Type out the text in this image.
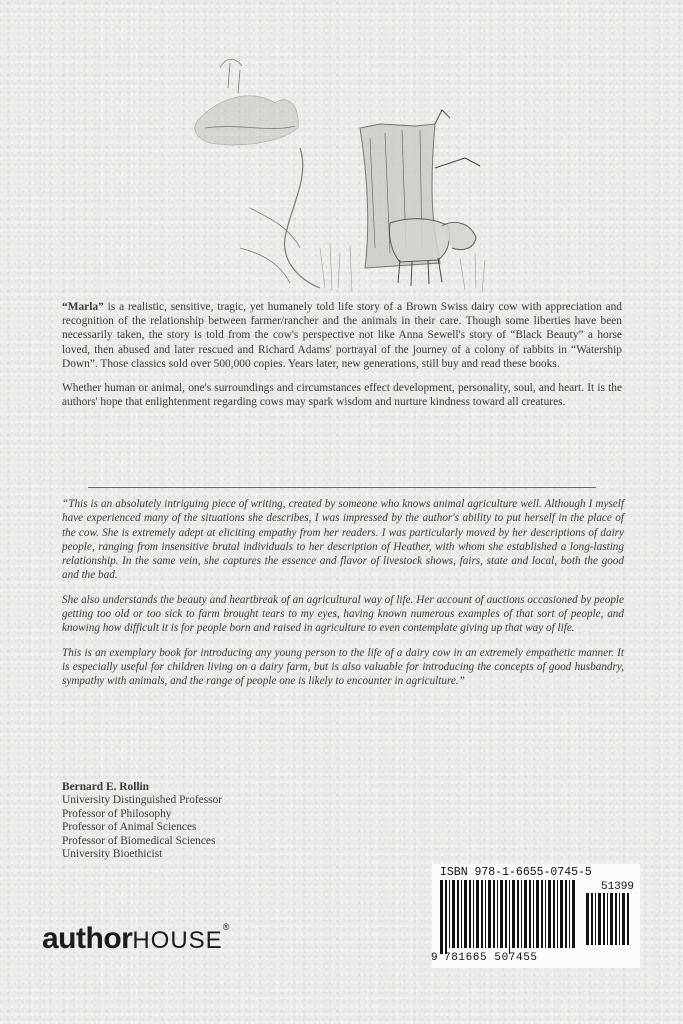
“Marla” is a realistic, sensitive, tragic, yet humanely told life story of a Brown Swiss dairy cow with appreciation and recognition of the relationship between farmer/rancher and the animals in their care. Though some liberties have been necessarily taken, the story is told from the cow's perspective not like Anna Sewell's story of “Black Beauty” a horse loved, then abused and later rescued and Richard Adams' portrayal of the journey of a colony of rabbits in “Watership Down”. Those classics sold over 500,000 copies. Years later, new generations, still buy and read these books.

Whether human or animal, one's surroundings and circumstances effect development, personality, soul, and heart. It is the authors' hope that enlightenment regarding cows may spark wisdom and nurture kindness toward all creatures.

“This is an absolutely intriguing piece of writing, created by someone who knows animal agriculture well. Although I myself have experienced many of the situations she describes, I was impressed by the author's ability to put herself in the place of the cow. She is extremely adept at eliciting empathy from her readers. I was particularly moved by her descriptions of dairy people, ranging from insensitive brutal individuals to her description of Heather, with whom she established a long-lasting relationship. In the same vein, she captures the essence and flavor of livestock shows, fairs, state and local, both the good and the bad.

She also understands the beauty and heartbreak of an agricultural way of life. Her account of auctions occasioned by people getting too old or too sick to farm brought tears to my eyes, having known numerous examples of that sort of people, and knowing how difficult it is for people born and raised in agriculture to even contemplate giving up that way of life.

This is an exemplary book for introducing any young person to the life of a dairy cow in an extremely empathetic manner. It is especially useful for children living on a dairy farm, but is also valuable for introducing the concepts of good husbandry, sympathy with animals, and the range of people one is likely to encounter in agriculture.”

Bernard E. Rollin
University Distinguished Professor
Professor of Philosophy
Professor of Animal Sciences
Professor of Biomedical Sciences
University Bioethicist
authorHOUSE®
ISBN 978-1-6655-0745-5
51399
9 781665 507455
